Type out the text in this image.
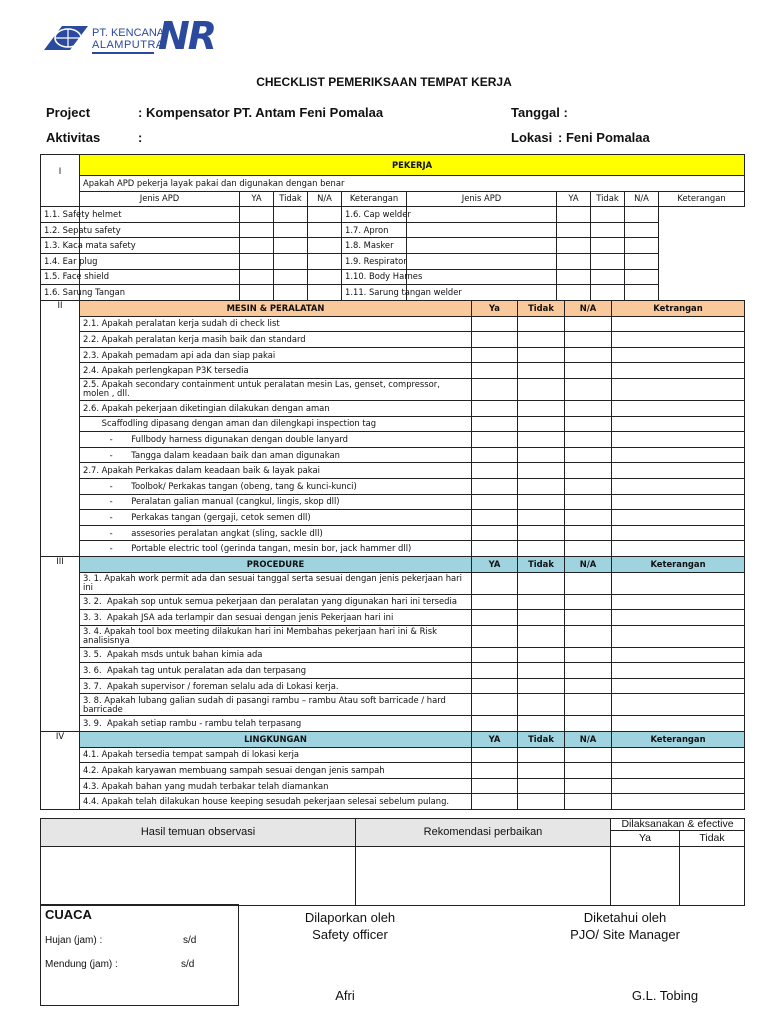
PT. KENCANA
ALAMPUTRA
NR
CHECKLIST PEMERIKSAAN TEMPAT KERJA
Project	: Kompensator PT. Antam Feni Pomalaa
Aktivitas	:
Tanggal :
Lokasi : Feni Pomalaa
I	PEKERJA									
	Apakah APD pekerja layak pakai dan digunakan dengan benar									
	Jenis APD	YA	Tidak	N/A	Keterangan	Jenis APD	YA	Tidak	N/A	Keterangan
1.1. Safety helmet					1.6. Cap welder					
1.2. Sepatu safety					1.7. Apron					
1.3. Kaca mata safety					1.8. Masker					
1.4. Ear plug					1.9. Respirator					
1.5. Face shield					1.10. Body Harnes					
1.6. Sarung Tangan					1.11. Sarung tangan welder					
II	MESIN & PERALATAN	Ya	Tidak	N/A	Ketrangan
	2.1. Apakah peralatan kerja sudah di check list				
	2.2. Apakah peralatan kerja masih baik dan standard				
	2.3. Apakah pemadam api ada dan siap pakai				
	2.4. Apakah perlengkapan P3K tersedia				
	2.5. Apakah secondary containment untuk peralatan mesin Las, genset, compressor, molen , dll.				
	2.6. Apakah pekerjaan diketingian dilakukan dengan aman				
	Scaffodling dipasang dengan aman dan dilengkapi inspection tag				
	-       Fullbody harness digunakan dengan double lanyard				
	-       Tangga dalam keadaan baik dan aman digunakan				
	2.7. Apakah Perkakas dalam keadaan baik & layak pakai				
	-       Toolbok/ Perkakas tangan (obeng, tang & kunci-kunci)				
	-       Peralatan galian manual (cangkul, lingis, skop dll)				
	-       Perkakas tangan (gergaji, cetok semen dll)				
	-       assesories peralatan angkat (sling, sackle dll)				
	-       Portable electric tool (gerinda tangan, mesin bor, jack hammer dll)				
III	PROCEDURE	YA	Tidak	N/A	Keterangan
	3. 1. Apakah work permit ada dan sesuai tanggal serta sesuai dengan jenis pekerjaan hari ini				
	3. 2.  Apakah sop untuk semua pekerjaan dan peralatan yang digunakan hari ini tersedia				
	3. 3.  Apakah JSA ada terlampir dan sesuai dengan jenis Pekerjaan hari ini				
	3. 4. Apakah tool box meeting dilakukan hari ini Membahas pekerjaan hari ini & Risk analisisnya				
	3. 5.  Apakah msds untuk bahan kimia ada				
	3. 6.  Apakah tag untuk peralatan ada dan terpasang				
	3. 7.  Apakah supervisor / foreman selalu ada di Lokasi kerja.				
	3. 8. Apakah lubang galian sudah di pasangi rambu – rambu Atau soft barricade / hard barricade				
	3. 9.  Apakah setiap rambu - rambu telah terpasang				
IV	LINGKUNGAN	YA	Tidak	N/A	Keterangan
	4.1. Apakah tersedia tempat sampah di lokasi kerja				
	4.2. Apakah karyawan membuang sampah sesuai dengan jenis sampah				
	4.3. Apakah bahan yang mudah terbakar telah diamankan				
	4.4. Apakah telah dilakukan house keeping sesudah pekerjaan selesai sebelum pulang.				
Hasil temuan observasi	Rekomendasi perbaikan	Dilaksanakan & efective	
		Ya	Tidak

CUACA
Hujan (jam) :	s/d
Mendung (jam) :	s/d
Dilaporkan oleh
Safety officer
Afri
Diketahui oleh
PJO/ Site Manager
G.L. Tobing
